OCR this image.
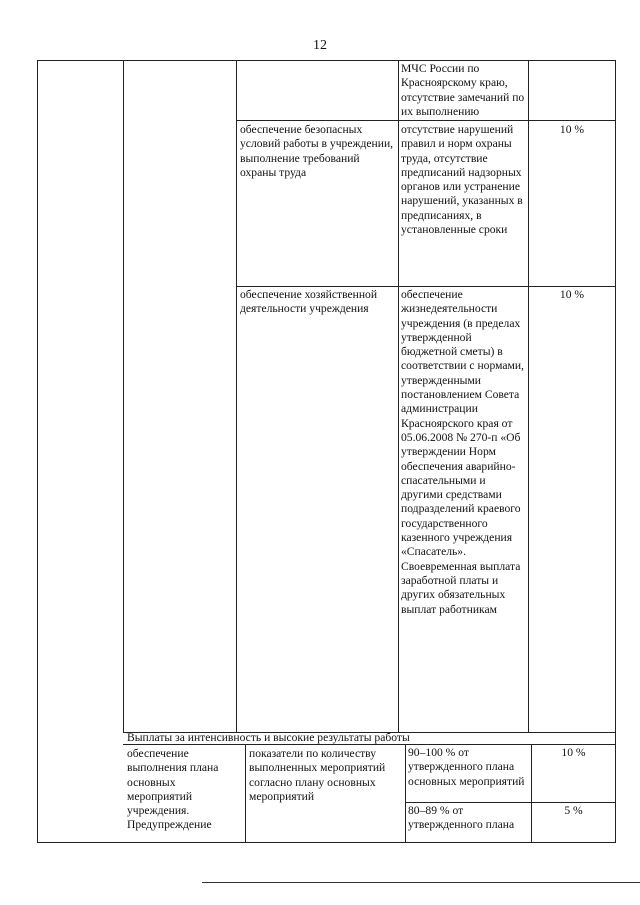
12
МЧС России по Красноярскому краю, отсутствие замечаний по их выполнению
обеспечение безопасных условий работы в учреждении, выполнение требований охраны труда
отсутствие нарушений правил и норм охраны труда, отсутствие предписаний надзорных органов или устранение нарушений, указанных в предписаниях, в установленные сроки
10 %
обеспечение хозяйственной деятельности учреждения
обеспечение жизнедеятельности учреждения (в пределах утвержденной бюджетной сметы) в соответствии с нормами, утвержденными постановлением Совета администрации Красноярского края от 05.06.2008 № 270-п «Об утверждении Норм обеспечения аварийно-спасательными и другими средствами подразделений краевого государственного казенного учреждения «Спасатель». Своевременная выплата заработной платы и других обязательных выплат работникам
10 %
Выплаты за интенсивность и высокие результаты работы
обеспечение выполнения плана основных мероприятий учреждения. Предупреждение
показатели по количеству выполненных мероприятий согласно плану основных мероприятий
90–100 % от утвержденного плана основных мероприятий
10 %
80–89 % от утвержденного плана
5 %
